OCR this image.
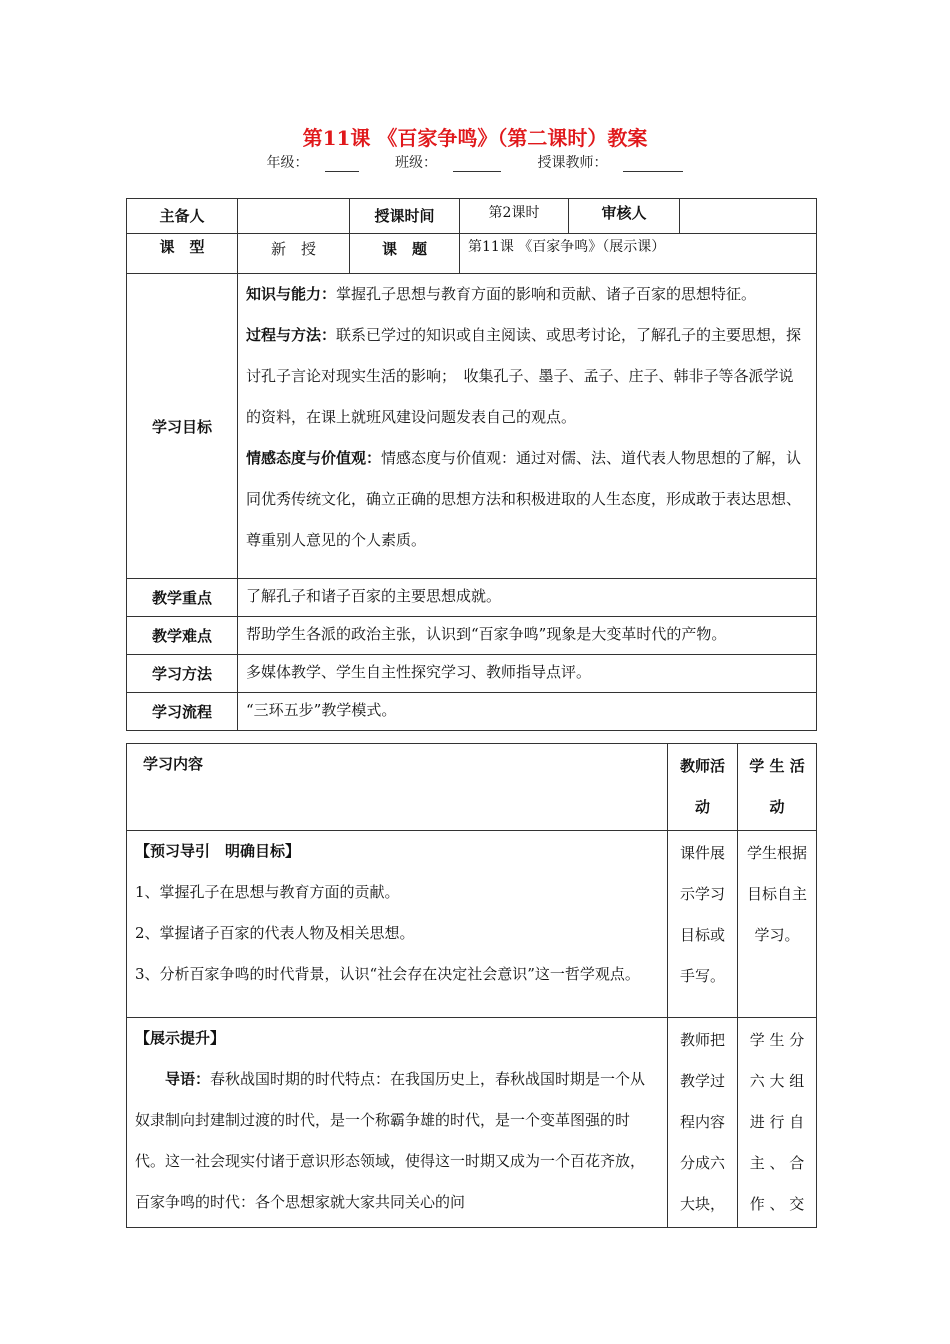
第11课 《百家争鸣》（第二课时）教案
年级：	班级：	授课教师：
主备人		授课时间	第2课时	审核人	
课　型	新　授	课　题	第11课 《百家争鸣》（展示课）		
学习目标	知识与能力：掌握孔子思想与教育方面的影响和贡献、诸子百家的思想特征。

过程与方法：联系已学过的知识或自主阅读、或思考讨论，了解孔子的主要思想，探讨孔子言论对现实生活的影响；　收集孔子、墨子、孟子、庄子、韩非子等各派学说的资料，在课上就班风建设问题发表自己的观点。

情感态度与价值观：情感态度与价值观：通过对儒、法、道代表人物思想的了解，认同优秀传统文化，确立正确的思想方法和积极进取的人生态度，形成敢于表达思想、尊重别人意见的个人素质。				

教学重点	了解孔子和诸子百家的主要思想成就。				
教学难点	帮助学生各派的政治主张，认识到“百家争鸣”现象是大变革时代的产物。				
学习方法	多媒体教学、学生自主性探究学习、教师指导点评。				
学习流程	“三环五步”教学模式。				

学习内容	教师活动	学 生 活 动

【预习导引　明确目标】

1、掌握孔子在思想与教育方面的贡献。

2、掌握诸子百家的代表人物及相关思想。

3、分析百家争鸣的时代背景，认识“社会存在决定社会意识”这一哲学观点。	课件展示学习目标或手写。	学生根据目标自主学习。

【展示提升】

导语：春秋战国时期的时代特点：在我国历史上，春秋战国时期是一个从奴隶制向封建制过渡的时代，是一个称霸争雄的时代，是一个变革图强的时代。这一社会现实付诸于意识形态领域，使得这一时期又成为一个百花齐放，百家争鸣的时代：各个思想家就大家共同关心的问	教师把教学过程内容分成六大块，	学 生 分 六 大 组 进 行 自 主 、 合 作 、 交
